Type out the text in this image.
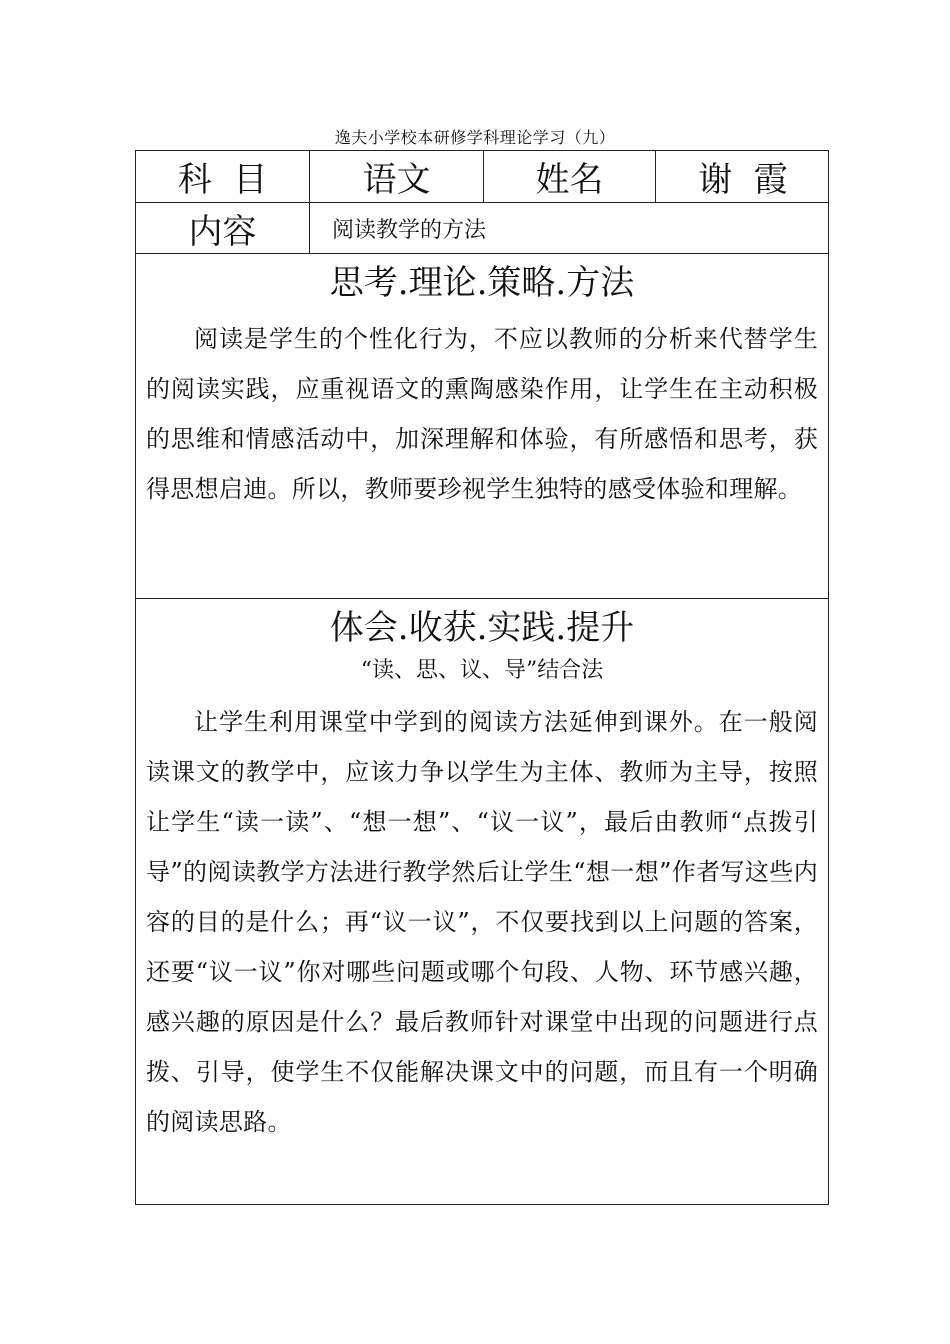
逸夫小学校本研修学科理论学习（九）
科  目	语文	姓名	谢  霞
内容	阅读教学的方法
思考.理论.策略.方法
阅读是学生的个性化行为，不应以教师的分析来代替学生的阅读实践，应重视语文的熏陶感染作用，让学生在主动积极的思维和情感活动中，加深理解和体验，有所感悟和思考，获得思想启迪。所以，教师要珍视学生独特的感受体验和理解。
体会.收获.实践.提升
“读、思、议、导”结合法
让学生利用课堂中学到的阅读方法延伸到课外。在一般阅读课文的教学中，应该力争以学生为主体、教师为主导，按照让学生“读一读”、“想一想”、“议一议”，最后由教师“点拨引导”的阅读教学方法进行教学然后让学生“想一想”作者写这些内容的目的是什么；再“议一议”，不仅要找到以上问题的答案，还要“议一议”你对哪些问题或哪个句段、人物、环节感兴趣，感兴趣的原因是什么？最后教师针对课堂中出现的问题进行点拨、引导，使学生不仅能解决课文中的问题，而且有一个明确的阅读思路。
